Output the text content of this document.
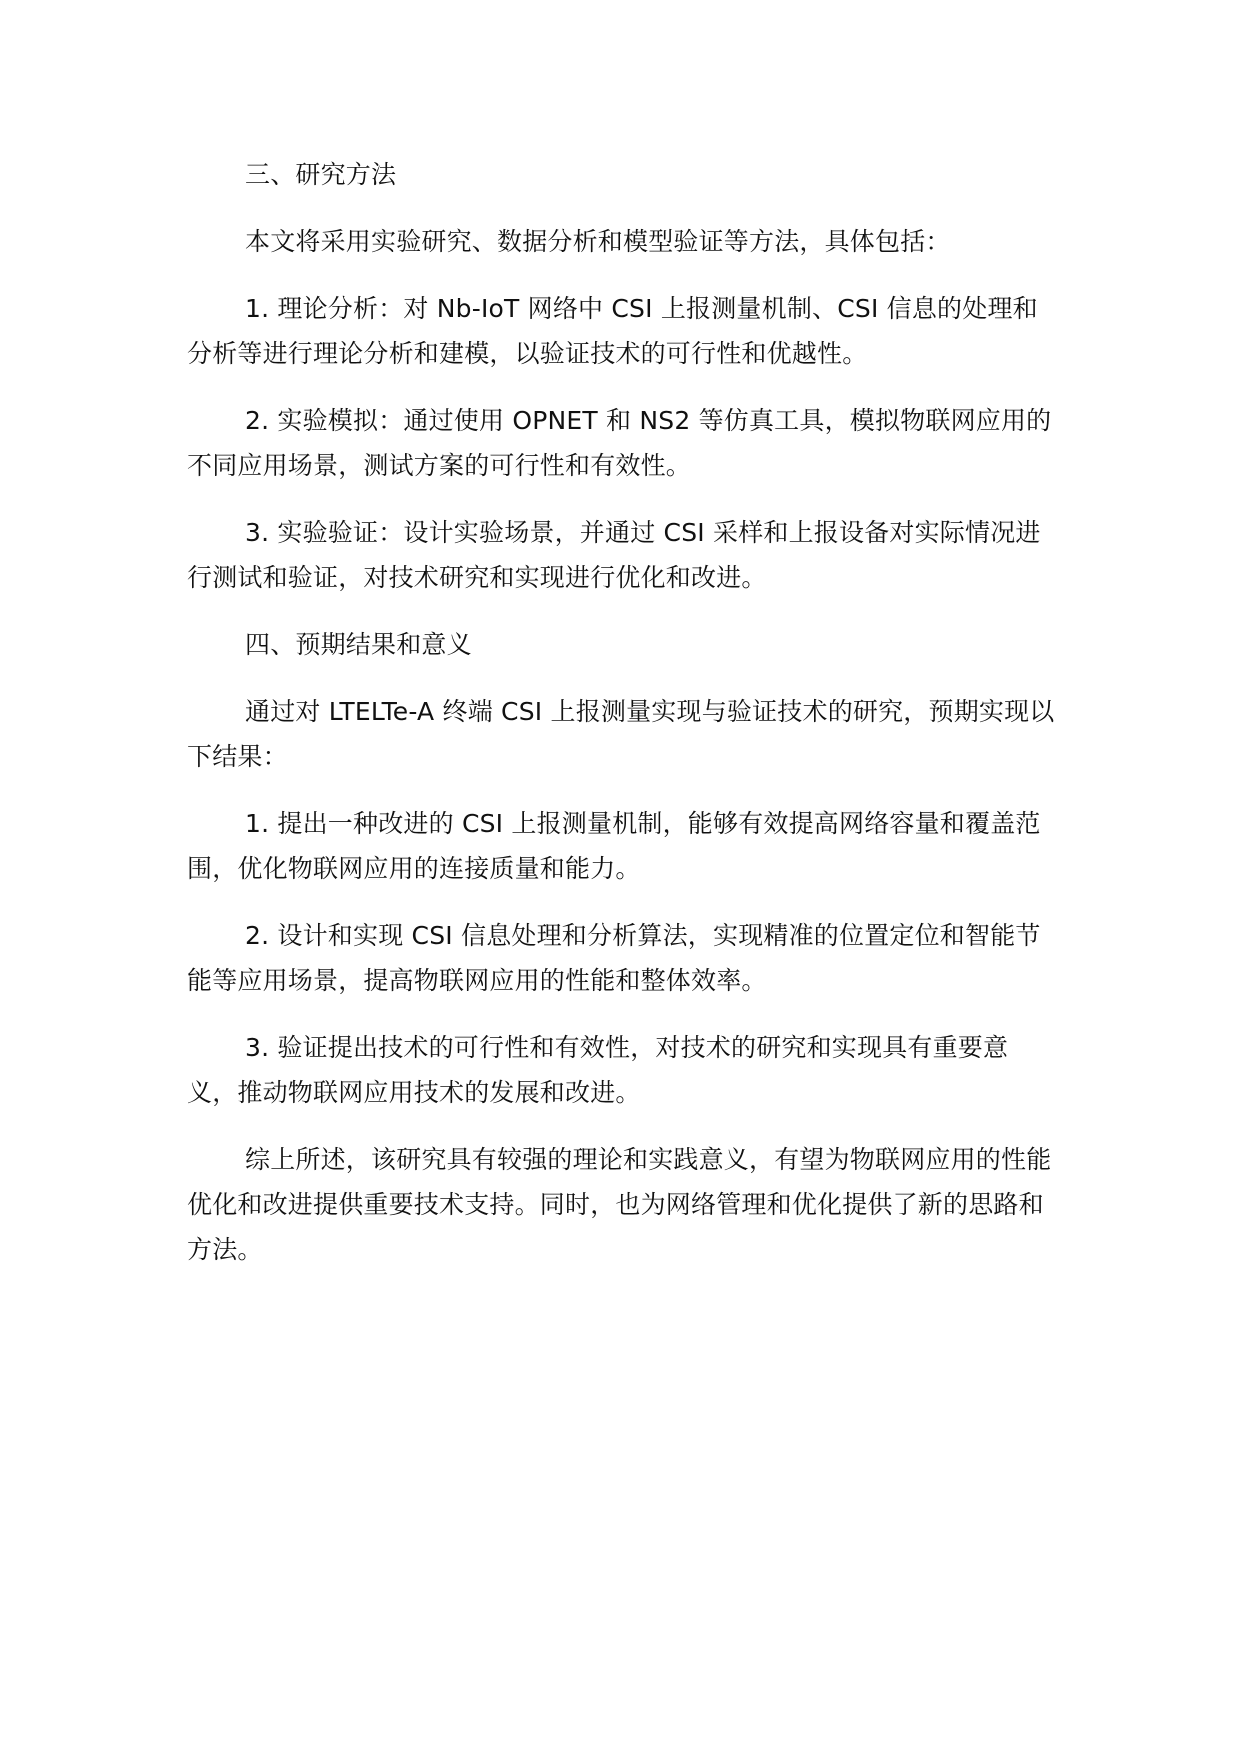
三、研究方法

本文将采用实验研究、数据分析和模型验证等方法，具体包括：

1. 理论分析：对 Nb-IoT 网络中 CSI 上报测量机制、CSI 信息的处理和分析等进行理论分析和建模，以验证技术的可行性和优越性。

2. 实验模拟：通过使用 OPNET 和 NS2 等仿真工具，模拟物联网应用的不同应用场景，测试方案的可行性和有效性。

3. 实验验证：设计实验场景，并通过 CSI 采样和上报设备对实际情况进行测试和验证，对技术研究和实现进行优化和改进。

四、预期结果和意义

通过对 LTELTe-A 终端 CSI 上报测量实现与验证技术的研究，预期实现以下结果：

1. 提出一种改进的 CSI 上报测量机制，能够有效提高网络容量和覆盖范围，优化物联网应用的连接质量和能力。

2. 设计和实现 CSI 信息处理和分析算法，实现精准的位置定位和智能节能等应用场景，提高物联网应用的性能和整体效率。

3. 验证提出技术的可行性和有效性，对技术的研究和实现具有重要意义，推动物联网应用技术的发展和改进。

综上所述，该研究具有较强的理论和实践意义，有望为物联网应用的性能优化和改进提供重要技术支持。同时，也为网络管理和优化提供了新的思路和方法。
